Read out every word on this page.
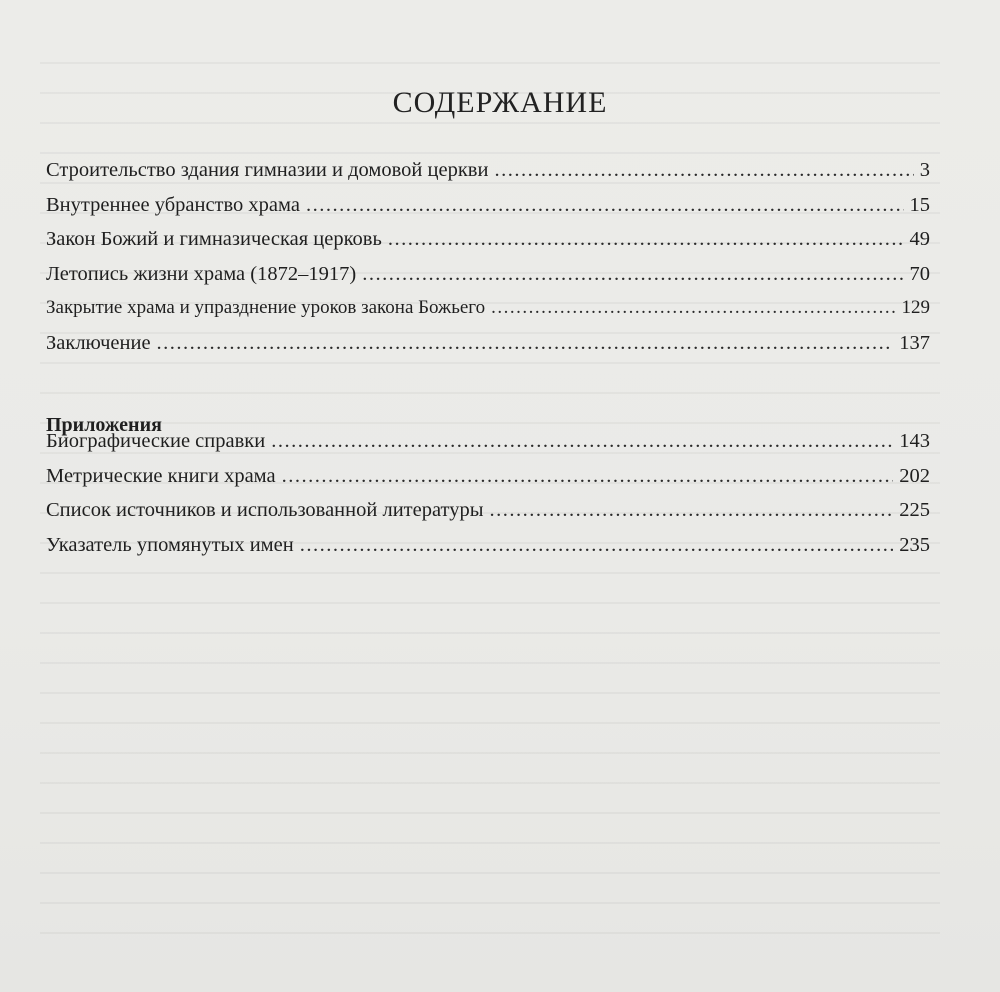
СОДЕРЖАНИЕ
Строительство здания гимназии и домовой церкви .....	3
Внутреннее убранство храма .....	15
Закон Божий и гимназическая церковь .....	49
Летопись жизни храма (1872–1917) .....	70
Закрытие храма и упразднение уроков закона Божьего .....	129
Заключение .....	137
Приложения
Биографические справки .....	143
Метрические книги храма .....	202
Список источников и использованной литературы .....	225
Указатель упомянутых имен .....	235
